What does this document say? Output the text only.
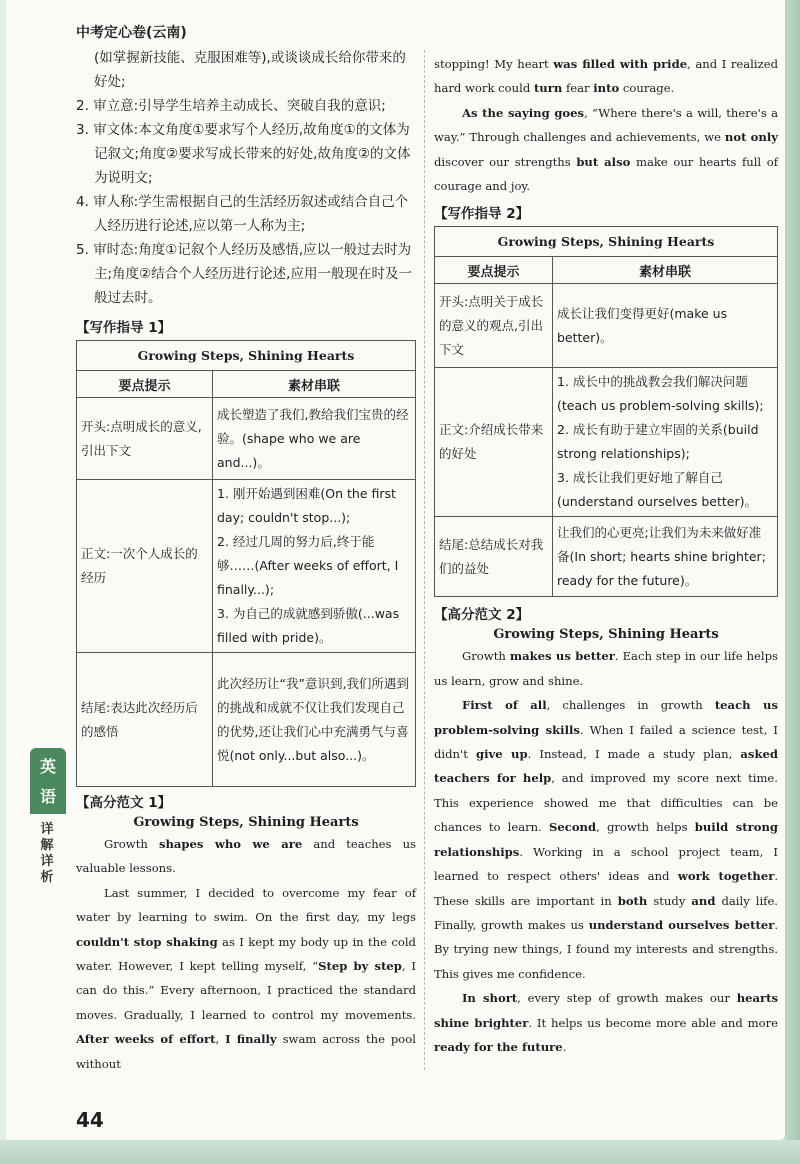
中考定心卷(云南)
英
语
详
解
详
析
(如掌握新技能、克服困难等),或谈谈成长给你带来的好处;
2. 审立意:引导学生培养主动成长、突破自我的意识;
3. 审文体:本文角度①要求写个人经历,故角度①的文体为记叙文;角度②要求写成长带来的好处,故角度②的文体为说明文;
4. 审人称:学生需根据自己的生活经历叙述或结合自己个人经历进行论述,应以第一人称为主;
5. 审时态:角度①记叙个人经历及感悟,应以一般过去时为主;角度②结合个人经历进行论述,应用一般现在时及一般过去时。
【写作指导 1】
Growing Steps, Shining Hearts	
要点提示	素材串联
开头:点明成长的意义,引出下文	成长塑造了我们,教给我们宝贵的经验。(shape who we are and...)。
正文:一次个人成长的经历	1. 刚开始遇到困难(On the first day; couldn't stop...);
2. 经过几周的努力后,终于能够……(After weeks of effort, I finally...);
3. 为自己的成就感到骄傲(...was filled with pride)。

结尾:表达此次经历后的感悟	此次经历让“我”意识到,我们所遇到的挑战和成就不仅让我们发现自己的优势,还让我们心中充满勇气与喜悦(not only...but also...)。
【高分范文 1】
Growing Steps, Shining Hearts

Growth shapes who we are and teaches us valuable lessons.

Last summer, I decided to overcome my fear of water by learning to swim. On the first day, my legs couldn't stop shaking as I kept my body up in the cold water. However, I kept telling myself, “Step by step, I can do this.” Every afternoon, I practiced the standard moves. Gradually, I learned to control my movements. After weeks of effort, I finally swam across the pool without

stopping! My heart was filled with pride, and I realized hard work could turn fear into courage.

As the saying goes, “Where there's a will, there's a way.” Through challenges and achievements, we not only discover our strengths but also make our hearts full of courage and joy.

【写作指导 2】
Growing Steps, Shining Hearts	
要点提示	素材串联
开头:点明关于成长的意义的观点,引出下文	成长让我们变得更好(make us better)。
正文:介绍成长带来的好处	1. 成长中的挑战教会我们解决问题(teach us problem-solving skills);
2. 成长有助于建立牢固的关系(build strong relationships);
3. 成长让我们更好地了解自己(understand ourselves better)。

结尾:总结成长对我们的益处	让我们的心更亮;让我们为未来做好准备(In short; hearts shine brighter; ready for the future)。
【高分范文 2】
Growing Steps, Shining Hearts

Growth makes us better. Each step in our life helps us learn, grow and shine.

First of all, challenges in growth teach us problem-solving skills. When I failed a science test, I didn't give up. Instead, I made a study plan, asked teachers for help, and improved my score next time. This experience showed me that difficulties can be chances to learn. Second, growth helps build strong relationships. Working in a school project team, I learned to respect others' ideas and work together. These skills are important in both study and daily life. Finally, growth makes us understand ourselves better. By trying new things, I found my interests and strengths. This gives me confidence.

In short, every step of growth makes our hearts shine brighter. It helps us become more able and more ready for the future.

44
